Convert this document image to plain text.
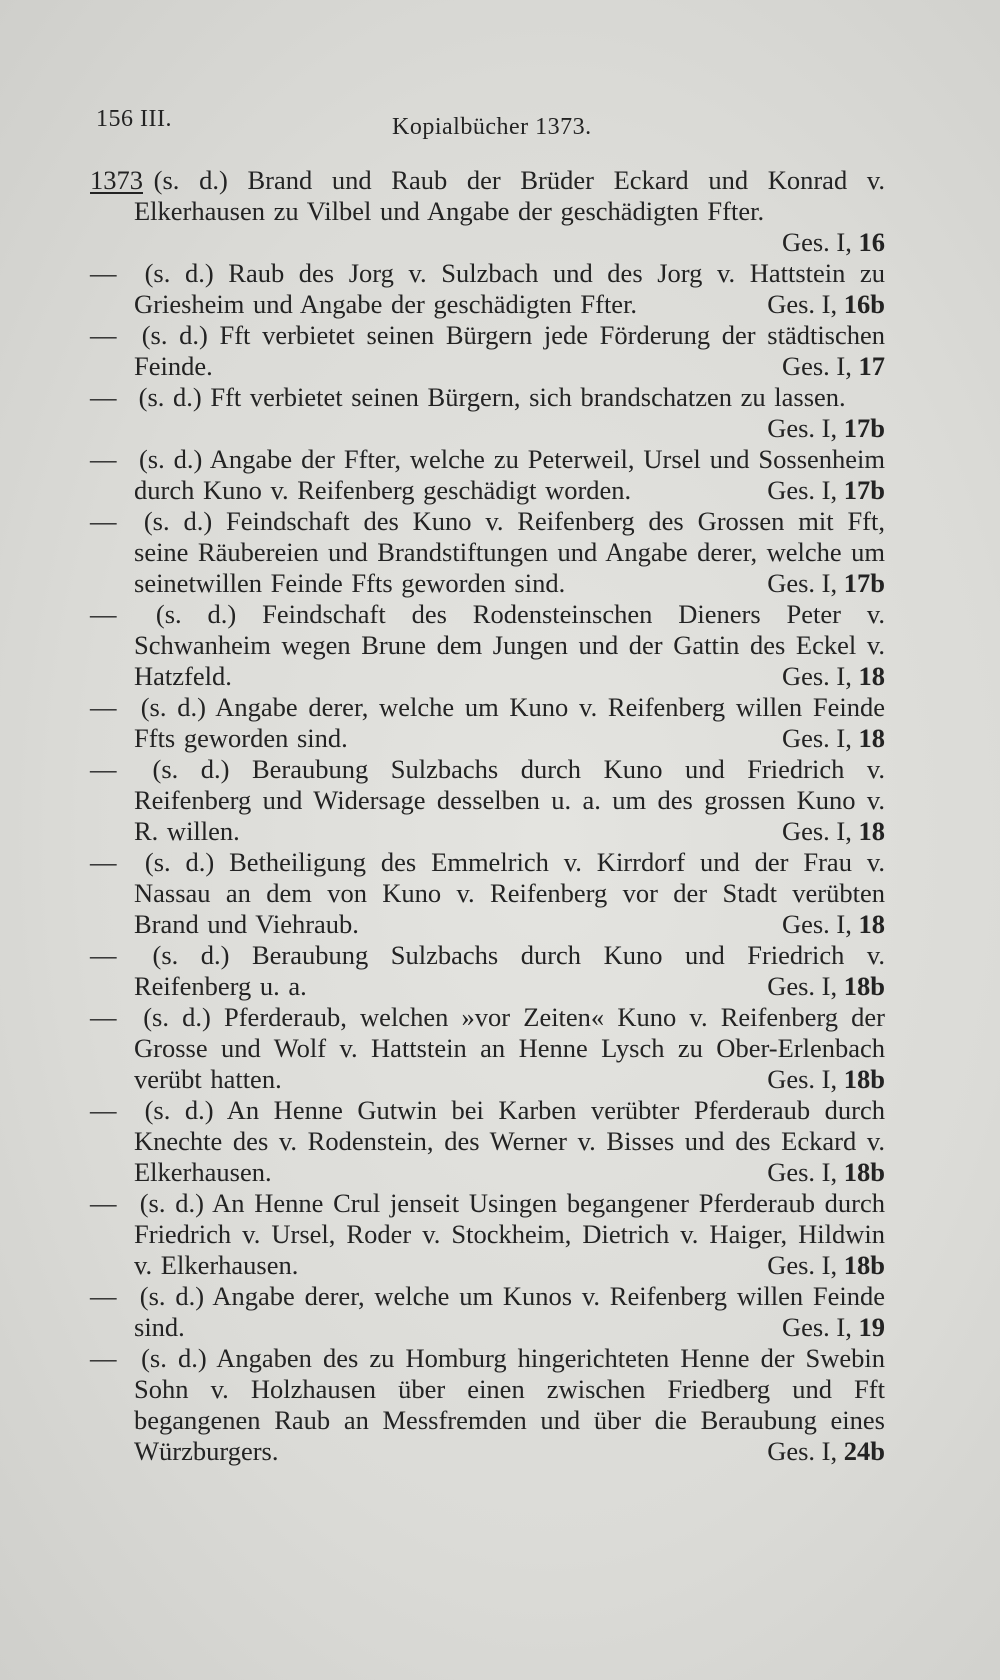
156 III.	Kopialbücher 1373.
1373 (s. d.) Brand und Raub der Brüder Eckard und Konrad v. Elkerhausen zu Vilbel und Angabe der geschädigten Ffter.
Ges. I, 16
— (s. d.) Raub des Jorg v. Sulzbach und des Jorg v. Hattstein zu Griesheim und Angabe der geschädigten Ffter.	Ges. I, 16b
— (s. d.) Fft verbietet seinen Bürgern jede Förderung der städtischen Feinde.	Ges. I, 17
— (s. d.) Fft verbietet seinen Bürgern, sich brandschatzen zu lassen.
Ges. I, 17b
— (s. d.) Angabe der Ffter, welche zu Peterweil, Ursel und Sossenheim durch Kuno v. Reifenberg geschädigt worden.	Ges. I, 17b
— (s. d.) Feindschaft des Kuno v. Reifenberg des Grossen mit Fft, seine Räubereien und Brandstiftungen und Angabe derer, welche um seinetwillen Feinde Ffts geworden sind.	Ges. I, 17b
— (s. d.) Feindschaft des Rodensteinschen Dieners Peter v. Schwanheim wegen Brune dem Jungen und der Gattin des Eckel v. Hatzfeld.	Ges. I, 18
— (s. d.) Angabe derer, welche um Kuno v. Reifenberg willen Feinde Ffts geworden sind.	Ges. I, 18
— (s. d.) Beraubung Sulzbachs durch Kuno und Friedrich v. Reifenberg und Widersage desselben u. a. um des grossen Kuno v. R. willen.	Ges. I, 18
— (s. d.) Betheiligung des Emmelrich v. Kirrdorf und der Frau v. Nassau an dem von Kuno v. Reifenberg vor der Stadt verübten Brand und Viehraub.	Ges. I, 18
— (s. d.) Beraubung Sulzbachs durch Kuno und Friedrich v. Reifenberg u. a.	Ges. I, 18b
— (s. d.) Pferderaub, welchen »vor Zeiten« Kuno v. Reifenberg der Grosse und Wolf v. Hattstein an Henne Lysch zu Ober-Erlenbach verübt hatten.	Ges. I, 18b
— (s. d.) An Henne Gutwin bei Karben verübter Pferderaub durch Knechte des v. Rodenstein, des Werner v. Bisses und des Eckard v. Elkerhausen.	Ges. I, 18b
— (s. d.) An Henne Crul jenseit Usingen begangener Pferderaub durch Friedrich v. Ursel, Roder v. Stockheim, Dietrich v. Haiger, Hildwin v. Elkerhausen.	Ges. I, 18b
— (s. d.) Angabe derer, welche um Kunos v. Reifenberg willen Feinde sind.	Ges. I, 19
— (s. d.) Angaben des zu Homburg hingerichteten Henne der Swebin Sohn v. Holzhausen über einen zwischen Friedberg und Fft begangenen Raub an Messfremden und über die Beraubung eines Würzburgers.	Ges. I, 24b
